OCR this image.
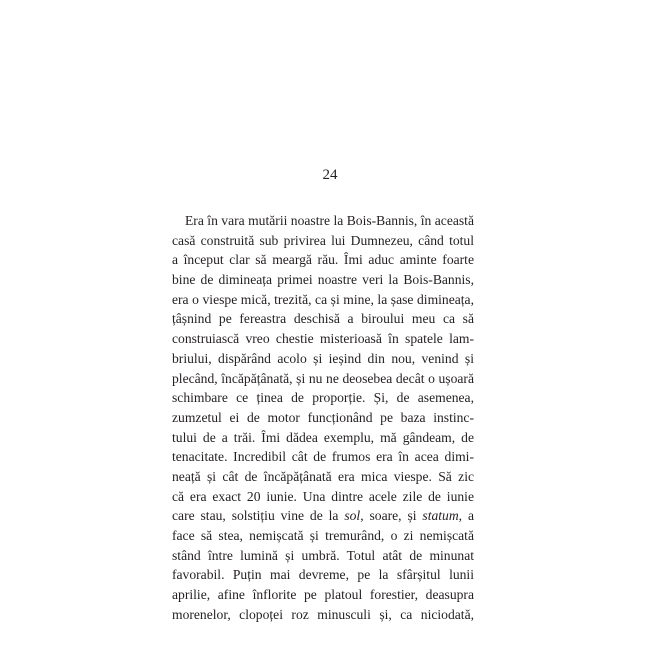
24
Era în vara mutării noastre la Bois-Bannis, în această
casă construită sub privirea lui Dumnezeu, când totul
a început clar să meargă rău. Îmi aduc aminte foarte
bine de dimineața primei noastre veri la Bois-Bannis,
era o viespe mică, trezită, ca și mine, la șase dimineața,
țâșnind pe fereastra deschisă a biroului meu ca să
construiască vreo chestie misterioasă în spatele lam-
briului, dispărând acolo și ieșind din nou, venind și
plecând, încăpățânată, și nu ne deosebea decât o ușoară
schimbare ce ținea de proporție. Și, de asemenea,
zumzetul ei de motor funcționând pe baza instinc-
tului de a trăi. Îmi dădea exemplu, mă gândeam, de
tenacitate. Incredibil cât de frumos era în acea dimi-
neață și cât de încăpățânată era mica viespe. Să zic
că era exact 20 iunie. Una dintre acele zile de iunie
care stau, solstițiu vine de la sol, soare, și statum, a
face să stea, nemișcată și tremurând, o zi nemișcată
stând între lumină și umbră. Totul atât de minunat
favorabil. Puțin mai devreme, pe la sfârșitul lunii
aprilie, afine înflorite pe platoul forestier, deasupra
morenelor, clopoței roz minusculi și, ca niciodată,
